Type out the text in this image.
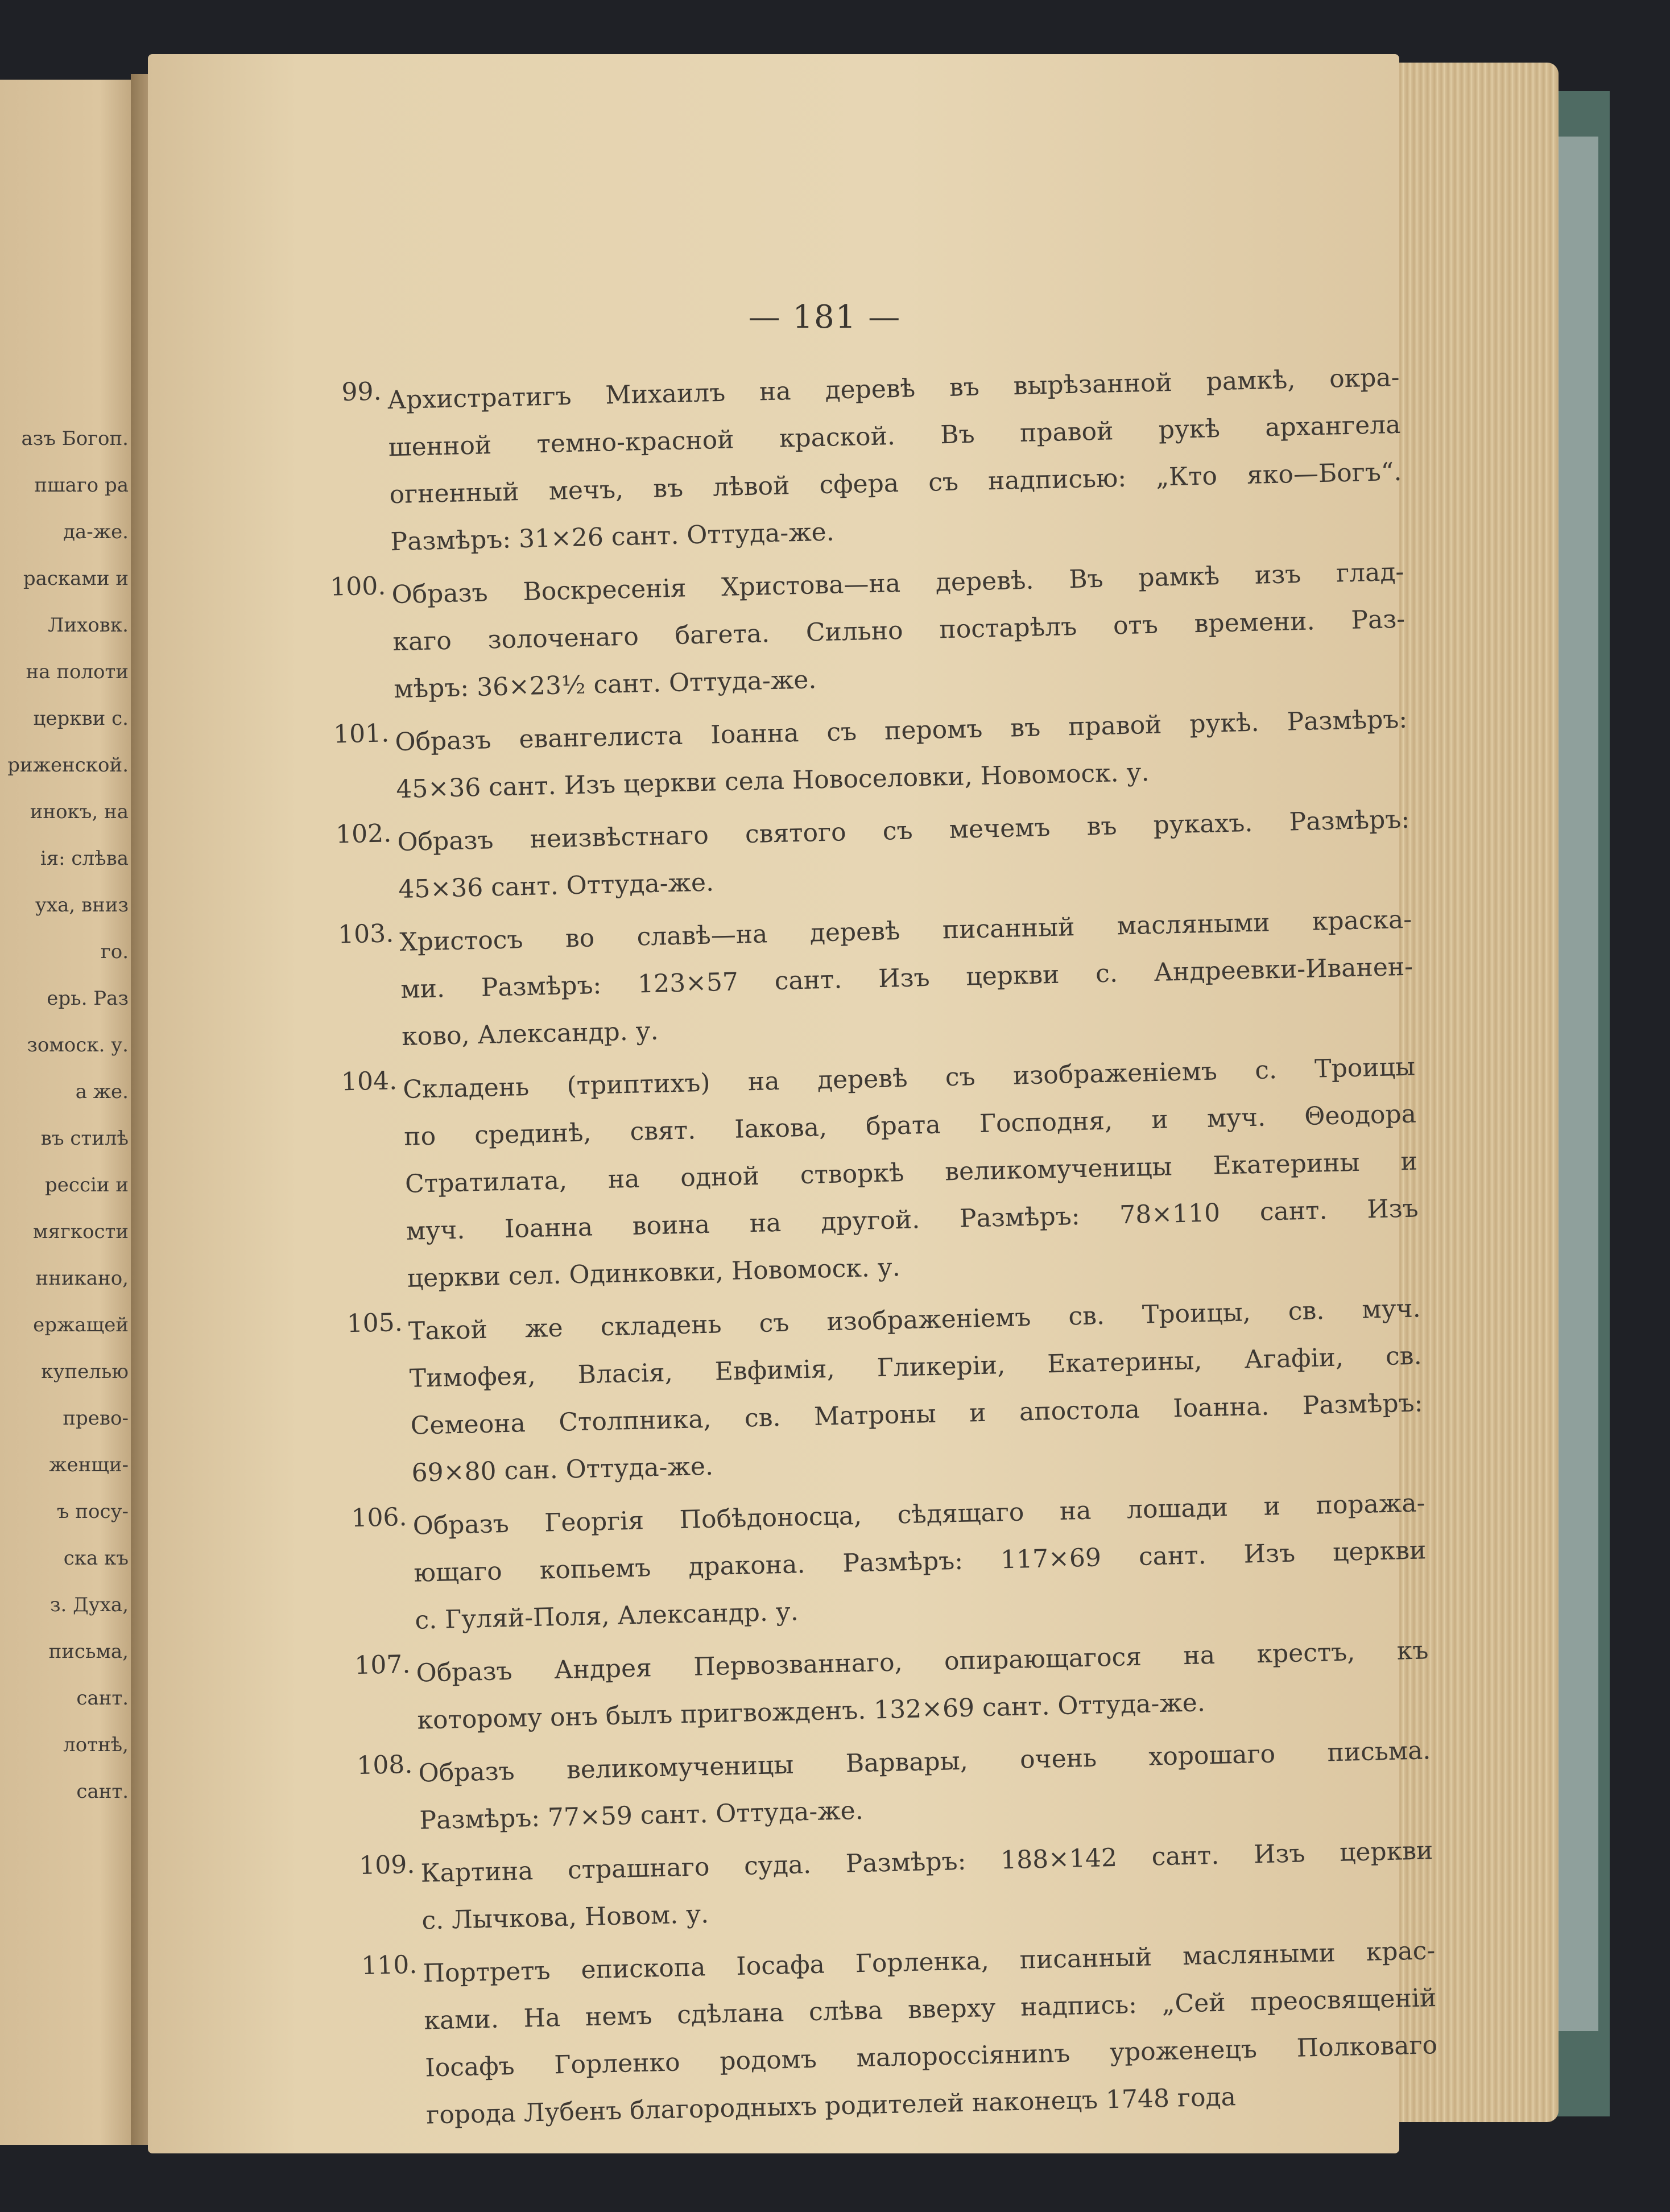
азъ Богоп.
пшаго ра
да-же.
расками и
Лиховк.
на полоти
церкви с.
риженской.
инокъ, на
ія: слѣва
уха, вниз
го.
ерь. Раз
зомоск. у.
a же.
въ стилѣ
рессіи и
мягкости
нникано,
ержащей
купелью
прево-
женщи-
ъ посу-
ска къ
з. Духа,
письма,
сант.
лотнѣ,
сант.
— 181 —
99. Архистратигъ Михаилъ на деревѣ въ вырѣзанной рамкѣ, окра-
шенной темно-красной краской. Въ правой рукѣ архангела
огненный мечъ, въ лѣвой сфера съ надписью: „Кто яко—Богъ“.
Размѣръ: 31×26 сант. Оттуда-же.
100. Образъ Воскресенія Христова—на деревѣ. Въ рамкѣ изъ глад-
каго золоченаго багета. Сильно постарѣлъ отъ времени. Раз-
мѣръ: 36×23½ сант. Оттуда-же.
101. Образъ евангелиста Іоанна съ перомъ въ правой рукѣ. Размѣръ:
45×36 сант. Изъ церкви села Новоселовки, Новомоск. у.
102. Образъ неизвѣстнаго святого съ мечемъ въ рукахъ. Размѣръ:
45×36 сант. Оттуда-же.
103. Христосъ во славѣ—на деревѣ писанный масляными краска-
ми. Размѣръ: 123×57 сант. Изъ церкви с. Андреевки-Иванен-
ково, Александр. у.
104. Складень (триптихъ) на деревѣ съ изображеніемъ с. Троицы
по срединѣ, свят. Іакова, брата Господня, и муч. Θеодора
Стратилата, на одной створкѣ великомученицы Екатерины и
муч. Іоанна воина на другой. Размѣръ: 78×110 сант. Изъ
церкви сел. Одинковки, Новомоск. у.
105. Такой же складень съ изображеніемъ св. Троицы, св. муч.
Тимофея, Власія, Евфимія, Гликеріи, Екатерины, Агафіи, св.
Семеона Столпника, св. Матроны и апостола Іоанна. Размѣръ:
69×80 сан. Оттуда-же.
106. Образъ Георгія Побѣдоносца, сѣдящаго на лошади и поража-
ющаго копьемъ дракона. Размѣръ: 117×69 сант. Изъ церкви
с. Гуляй-Поля, Александр. у.
107. Образъ Андрея Первозваннаго, опирающагося на крестъ, къ
которому онъ былъ пригвожденъ. 132×69 сант. Оттуда-же.
108. Образъ великомученицы Варвары, очень хорошаго письма.
Размѣръ: 77×59 сант. Оттуда-же.
109. Картина страшнаго суда. Размѣръ: 188×142 сант. Изъ церкви
с. Лычкова, Новом. у.
110. Портретъ епископа Іосафа Горленка, писанный масляными крас-
ками. На немъ сдѣлана слѣва вверху надпись: „Сей преосвященій
Іосафъ Горленко родомъ малороссіяниnъ уроженецъ Полковаго
города Лубенъ благородныхъ родителей наконецъ 1748 года
